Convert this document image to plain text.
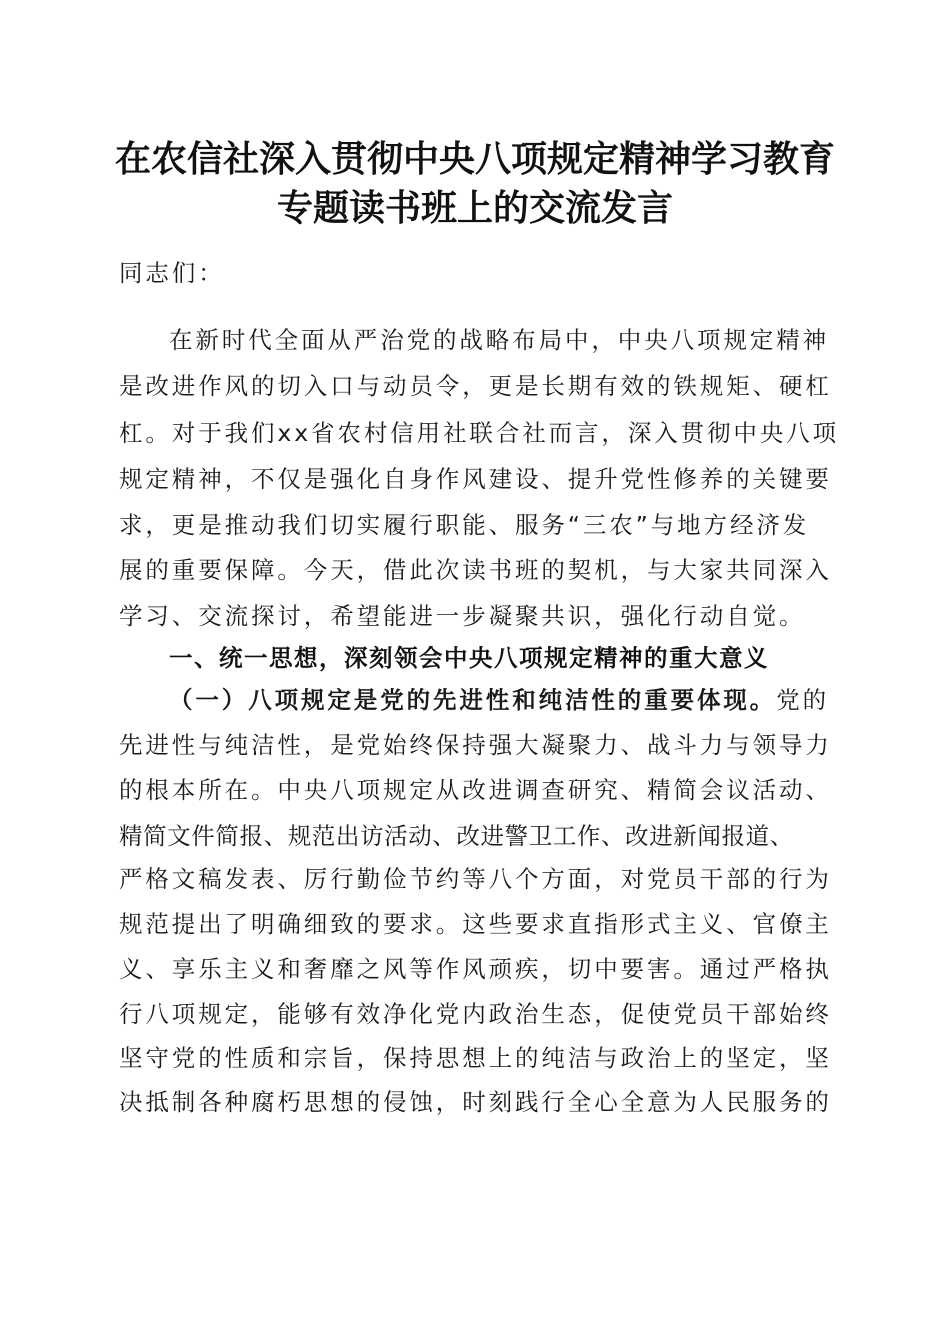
在农信社深入贯彻中央八项规定精神学习教育
专题读书班上的交流发言
同志们：
在新时代全面从严治党的战略布局中，中央八项规定精神
是改进作风的切入口与动员令，更是长期有效的铁规矩、硬杠
杠。对于我们xx省农村信用社联合社而言，深入贯彻中央八项
规定精神，不仅是强化自身作风建设、提升党性修养的关键要
求，更是推动我们切实履行职能、服务“三农”与地方经济发
展的重要保障。今天，借此次读书班的契机，与大家共同深入
学习、交流探讨，希望能进一步凝聚共识，强化行动自觉。
一、统一思想，深刻领会中央八项规定精神的重大意义
（一）八项规定是党的先进性和纯洁性的重要体现。党的
先进性与纯洁性，是党始终保持强大凝聚力、战斗力与领导力
的根本所在。中央八项规定从改进调查研究、精简会议活动、
精简文件简报、规范出访活动、改进警卫工作、改进新闻报道、
严格文稿发表、厉行勤俭节约等八个方面，对党员干部的行为
规范提出了明确细致的要求。这些要求直指形式主义、官僚主
义、享乐主义和奢靡之风等作风顽疾，切中要害。通过严格执
行八项规定，能够有效净化党内政治生态，促使党员干部始终
坚守党的性质和宗旨，保持思想上的纯洁与政治上的坚定，坚
决抵制各种腐朽思想的侵蚀，时刻践行全心全意为人民服务的
